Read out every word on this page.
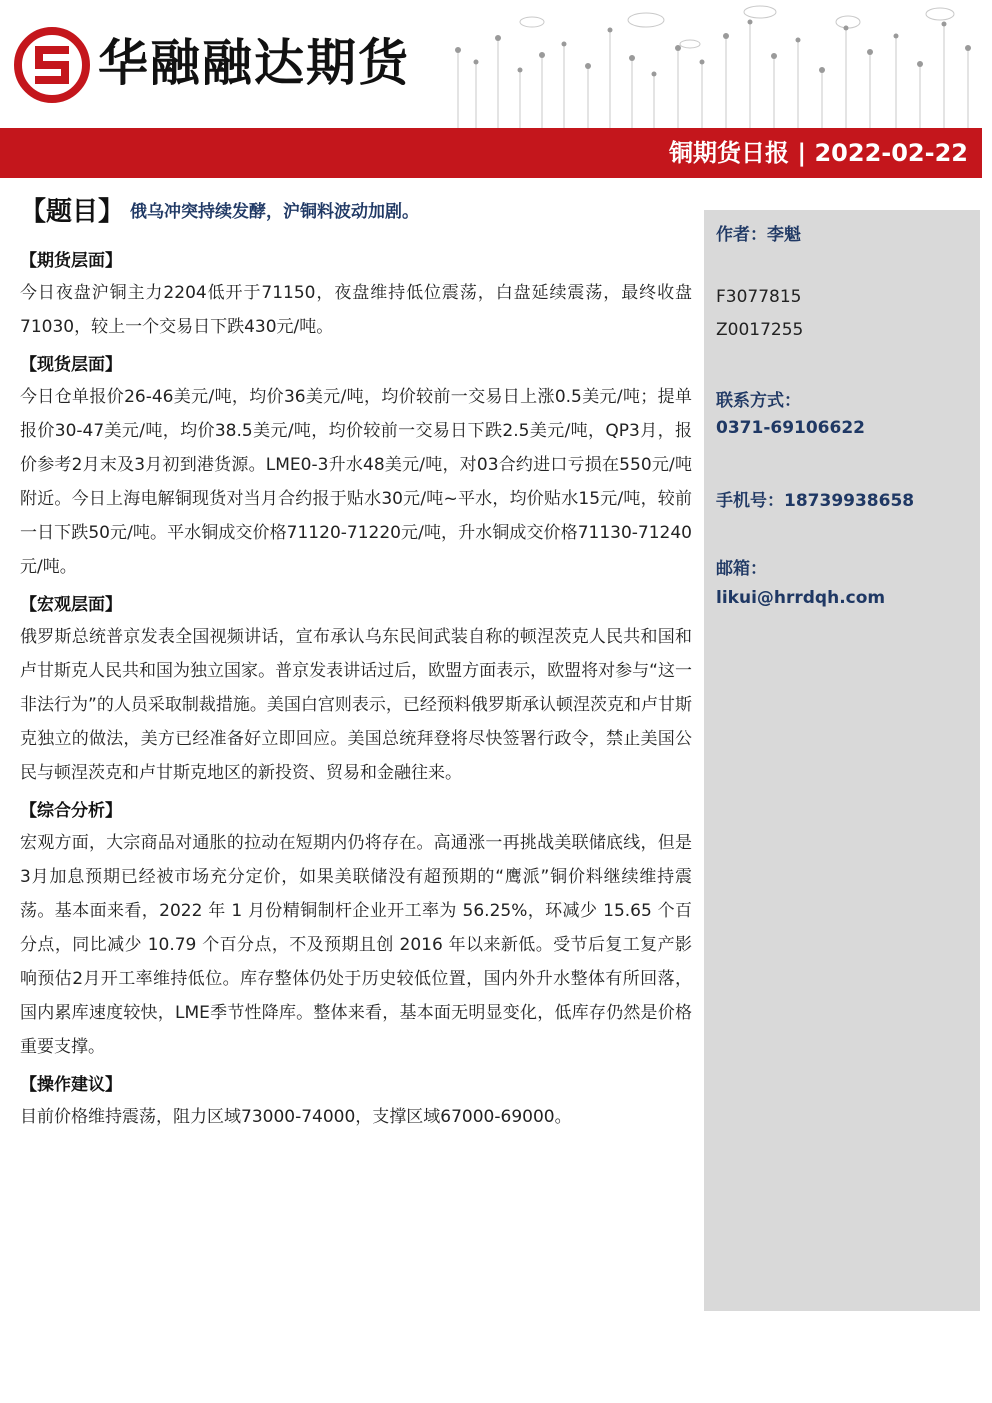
华融融达期货
铜期货日报 | 2022-02-22
作者：李魁
F3077815
Z0017255
联系方式：
0371-69106622
手机号：18739938658
邮箱：
likui@hrrdqh.com
【题目】 俄乌冲突持续发酵，沪铜料波动加剧。
【期货层面】

今日夜盘沪铜主力2204低开于71150，夜盘维持低位震荡，白盘延续震荡，最终收盘71030，较上一个交易日下跌430元/吨。

【现货层面】

今日仓单报价26-46美元/吨，均价36美元/吨，均价较前一交易日上涨0.5美元/吨；提单报价30-47美元/吨，均价38.5美元/吨，均价较前一交易日下跌2.5美元/吨，QP3月，报价参考2月末及3月初到港货源。LME0-3升水48美元/吨，对03合约进口亏损在550元/吨附近。今日上海电解铜现货对当月合约报于贴水30元/吨~平水，均价贴水15元/吨，较前一日下跌50元/吨。平水铜成交价格71120-71220元/吨，升水铜成交价格71130-71240元/吨。

【宏观层面】

俄罗斯总统普京发表全国视频讲话，宣布承认乌东民间武装自称的顿涅茨克人民共和国和卢甘斯克人民共和国为独立国家。普京发表讲话过后，欧盟方面表示，欧盟将对参与“这一非法行为”的人员采取制裁措施。美国白宫则表示，已经预料俄罗斯承认顿涅茨克和卢甘斯克独立的做法，美方已经准备好立即回应。美国总统拜登将尽快签署行政令，禁止美国公民与顿涅茨克和卢甘斯克地区的新投资、贸易和金融往来。

【综合分析】

宏观方面，大宗商品对通胀的拉动在短期内仍将存在。高通涨一再挑战美联储底线，但是3月加息预期已经被市场充分定价，如果美联储没有超预期的“鹰派”铜价料继续维持震荡。基本面来看，2022 年 1 月份精铜制杆企业开工率为 56.25%，环减少 15.65 个百分点，同比减少 10.79 个百分点，不及预期且创 2016 年以来新低。受节后复工复产影响预估2月开工率维持低位。库存整体仍处于历史较低位置，国内外升水整体有所回落，国内累库速度较快，LME季节性降库。整体来看，基本面无明显变化，低库存仍然是价格重要支撑。

【操作建议】

目前价格维持震荡，阻力区域73000-74000，支撑区域67000-69000。
